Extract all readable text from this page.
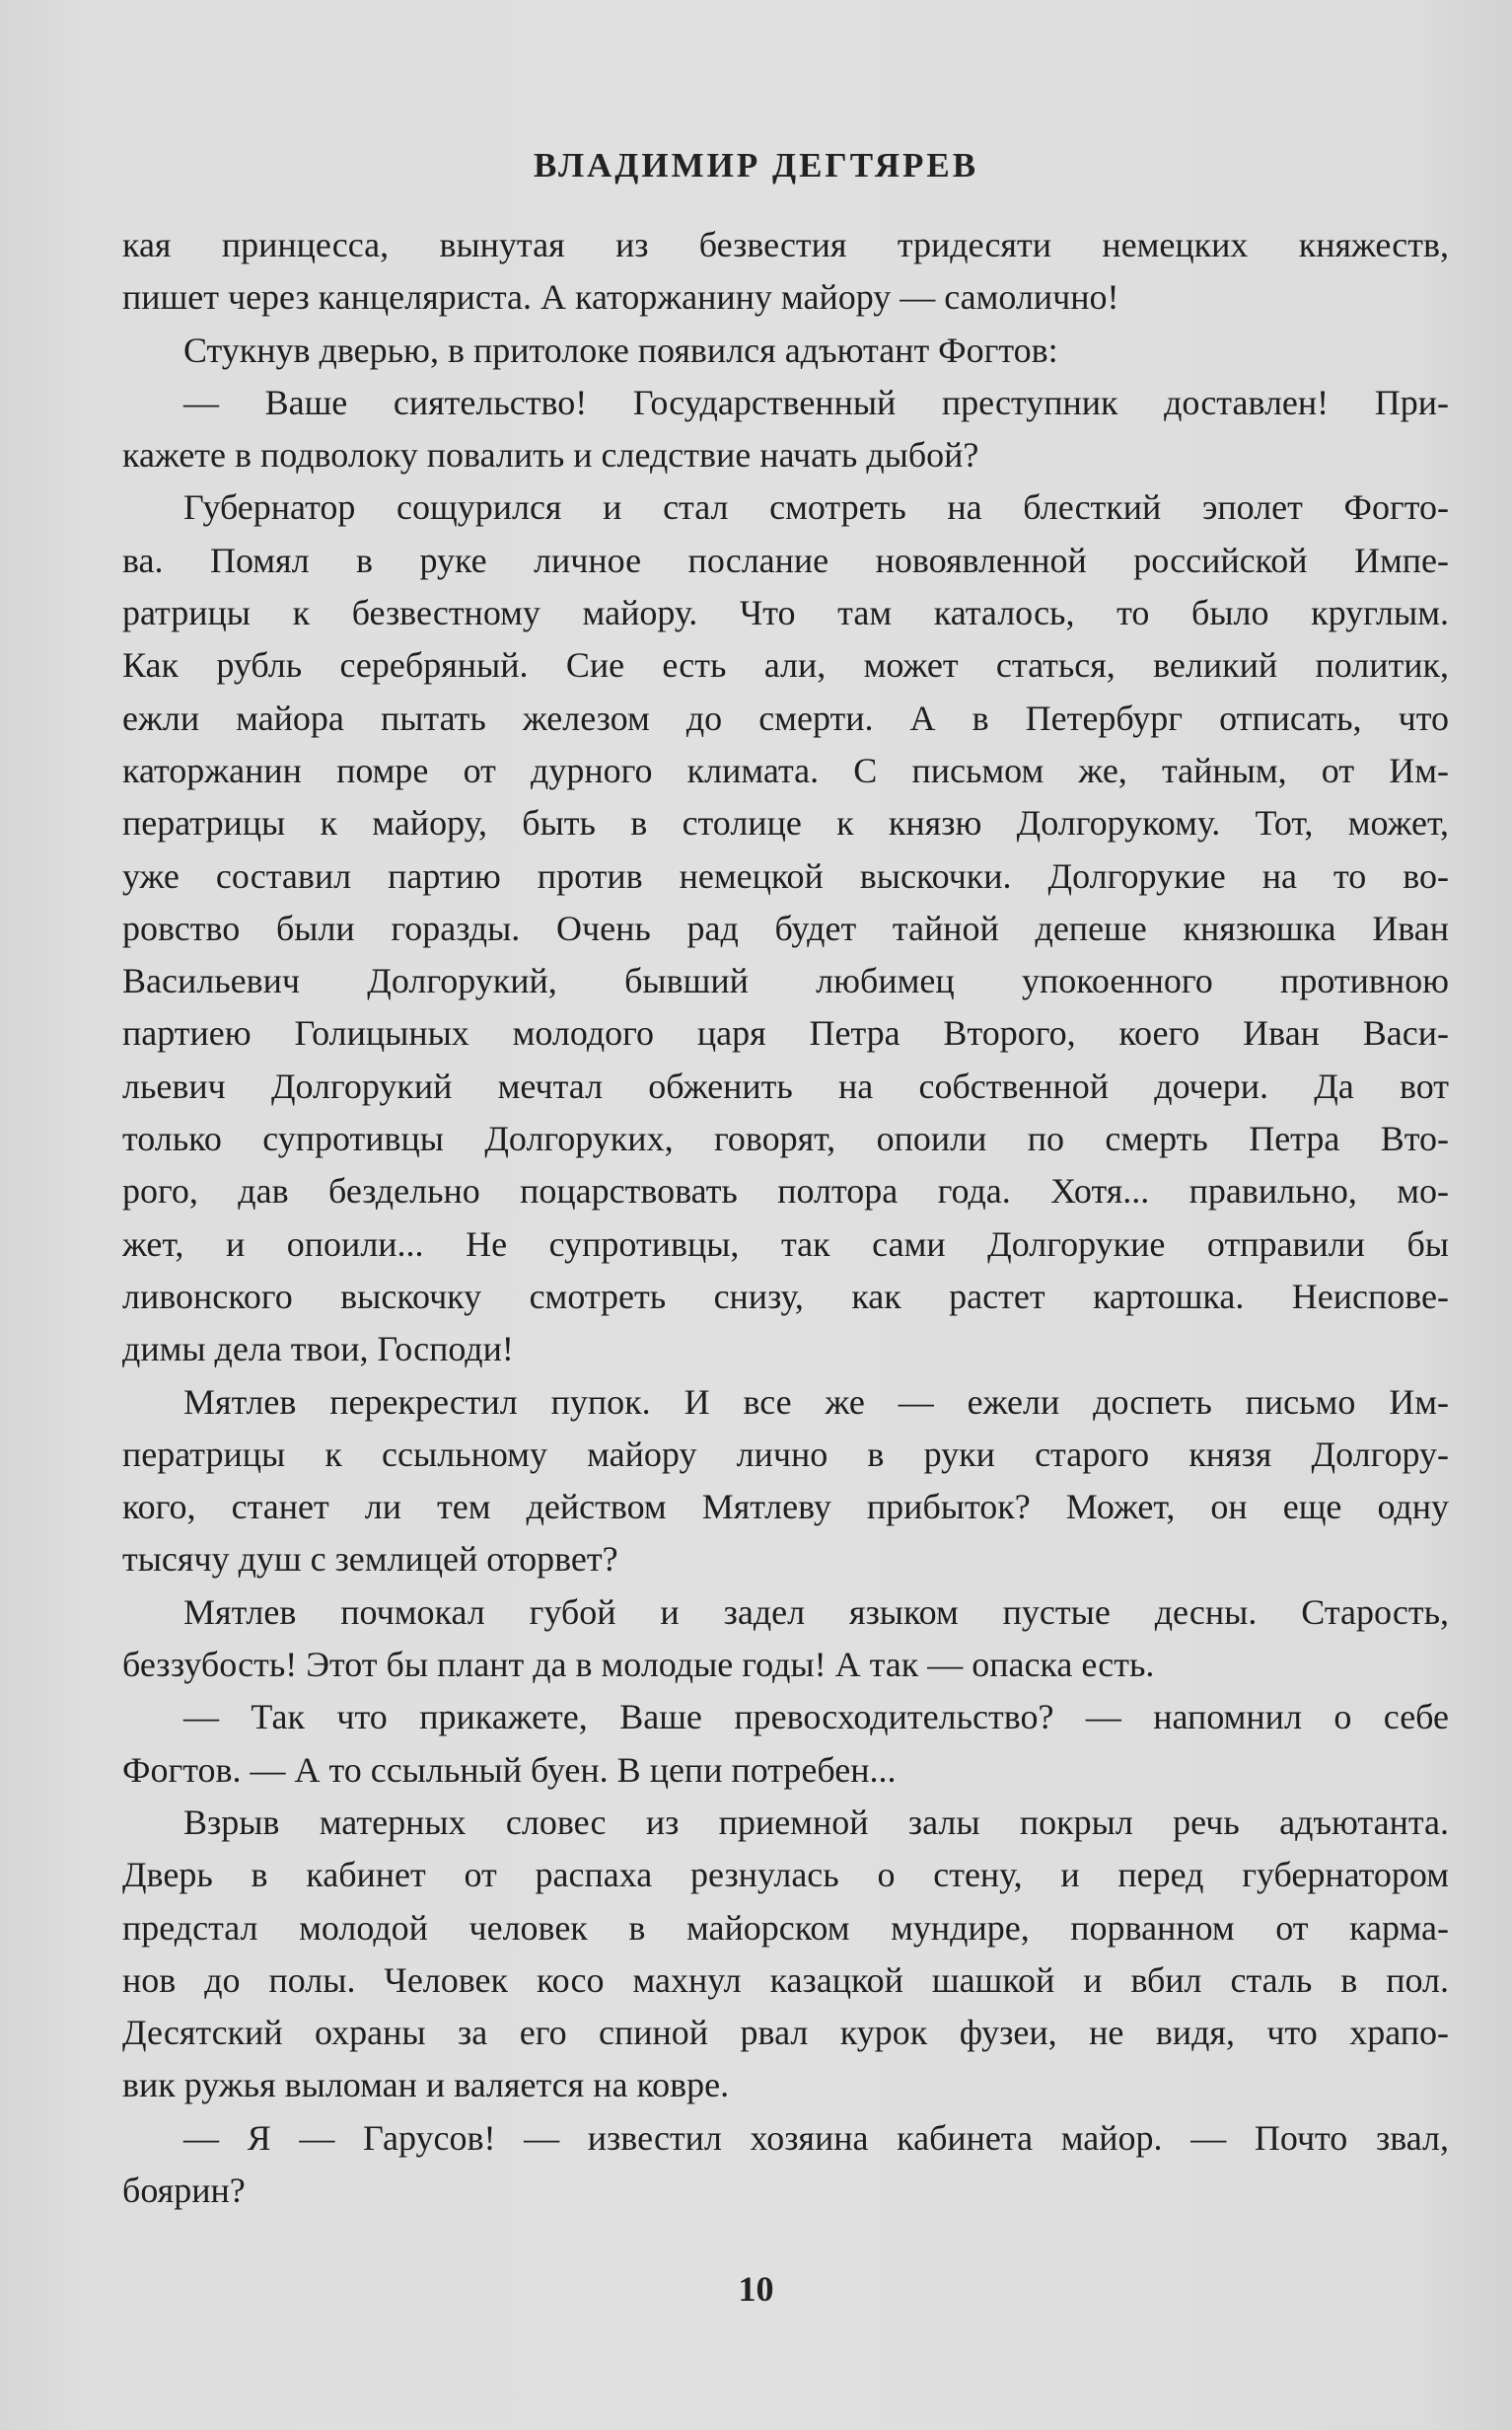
ВЛАДИМИР ДЕГТЯРЕВ
кая принцесса, вынутая из безвестия тридесяти немецких княжеств,
пишет через канцеляриста. А каторжанину майору — самолично!
Стукнув дверью, в притолоке появился адъютант Фогтов:
— Ваше сиятельство! Государственный преступник доставлен! При-
кажете в подволоку повалить и следствие начать дыбой?
Губернатор сощурился и стал смотреть на блесткий эполет Фогто-
ва. Помял в руке личное послание новоявленной российской Импе-
ратрицы к безвестному майору. Что там каталось, то было круглым.
Как рубль серебряный. Сие есть али, может статься, великий политик,
ежли майора пытать железом до смерти. А в Петербург отписать, что
каторжанин помре от дурного климата. С письмом же, тайным, от Им-
ператрицы к майору, быть в столице к князю Долгорукому. Тот, может,
уже составил партию против немецкой выскочки. Долгорукие на то во-
ровство были горазды. Очень рад будет тайной депеше князюшка Иван
Васильевич Долгорукий, бывший любимец упокоенного противною
партиею Голицыных молодого царя Петра Второго, коего Иван Васи-
льевич Долгорукий мечтал обженить на собственной дочери. Да вот
только супротивцы Долгоруких, говорят, опоили по смерть Петра Вто-
рого, дав бездельно поцарствовать полтора года. Хотя... правильно, мо-
жет, и опоили... Не супротивцы, так сами Долгорукие отправили бы
ливонского выскочку смотреть снизу, как растет картошка. Неиспове-
димы дела твои, Господи!
Мятлев перекрестил пупок. И все же — ежели доспеть письмо Им-
ператрицы к ссыльному майору лично в руки старого князя Долгору-
кого, станет ли тем действом Мятлеву прибыток? Может, он еще одну
тысячу душ с землицей оторвет?
Мятлев почмокал губой и задел языком пустые десны. Старость,
беззубость! Этот бы плант да в молодые годы! А так — опаска есть.
— Так что прикажете, Ваше превосходительство? — напомнил о себе
Фогтов. — А то ссыльный буен. В цепи потребен...
Взрыв матерных словес из приемной залы покрыл речь адъютанта.
Дверь в кабинет от распаха резнулась о стену, и перед губернатором
предстал молодой человек в майорском мундире, порванном от карма-
нов до полы. Человек косо махнул казацкой шашкой и вбил сталь в пол.
Десятский охраны за его спиной рвал курок фузеи, не видя, что храпо-
вик ружья выломан и валяется на ковре.
— Я — Гарусов! — известил хозяина кабинета майор. — Почто звал,
боярин?
10
